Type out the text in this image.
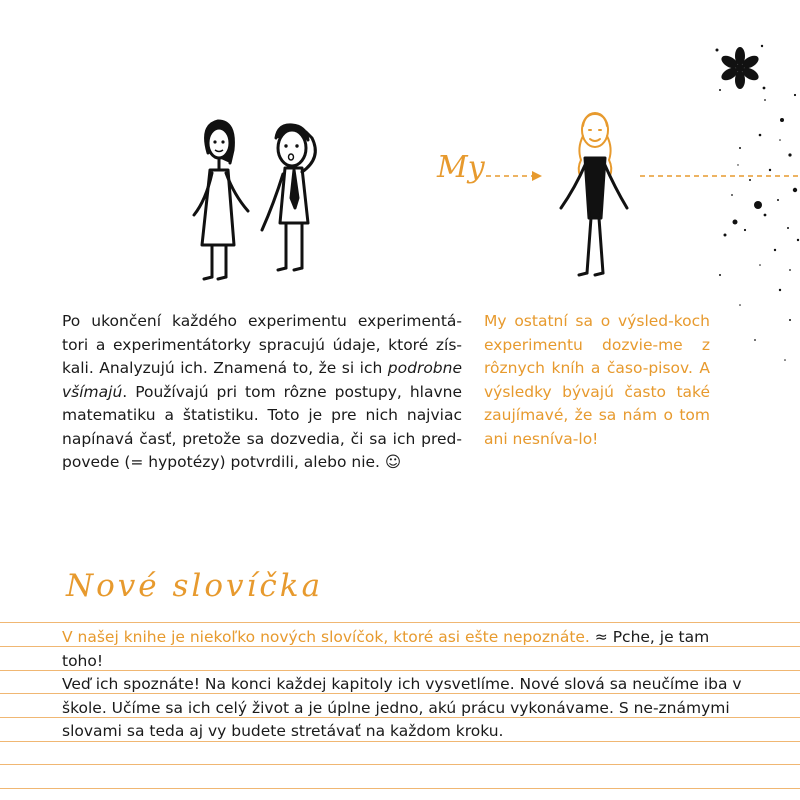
My

Po ukončení každého experimentu experimentá-tori a experimentátorky spracujú údaje, ktoré zís-kali. Analyzujú ich. Znamená to, že si ich podrobne všímajú. Používajú pri tom rôzne postupy, hlavne matematiku a štatistiku. Toto je pre nich najviac napínavá časť, pretože sa dozvedia, či sa ich pred-povede (= hypotézy) potvrdili, alebo nie. ☺

My ostatní sa o výsled-koch experimentu dozvie-me z rôznych kníh a časo-pisov. A výsledky bývajú často také zaujímavé, že sa nám o tom ani nesníva-lo!

Nové slovíčka

V našej knihe je niekoľko nových slovíčok, ktoré asi ešte nepoznáte. ≈ Pche, je tam toho!
Veď ich spoznáte! Na konci každej kapitoly ich vysvetlíme. Nové slová sa neučíme iba v škole. Učíme sa ich celý život a je úplne jedno, akú prácu vykonávame. S ne-známymi slovami sa teda aj vy budete stretávať na každom kroku.
